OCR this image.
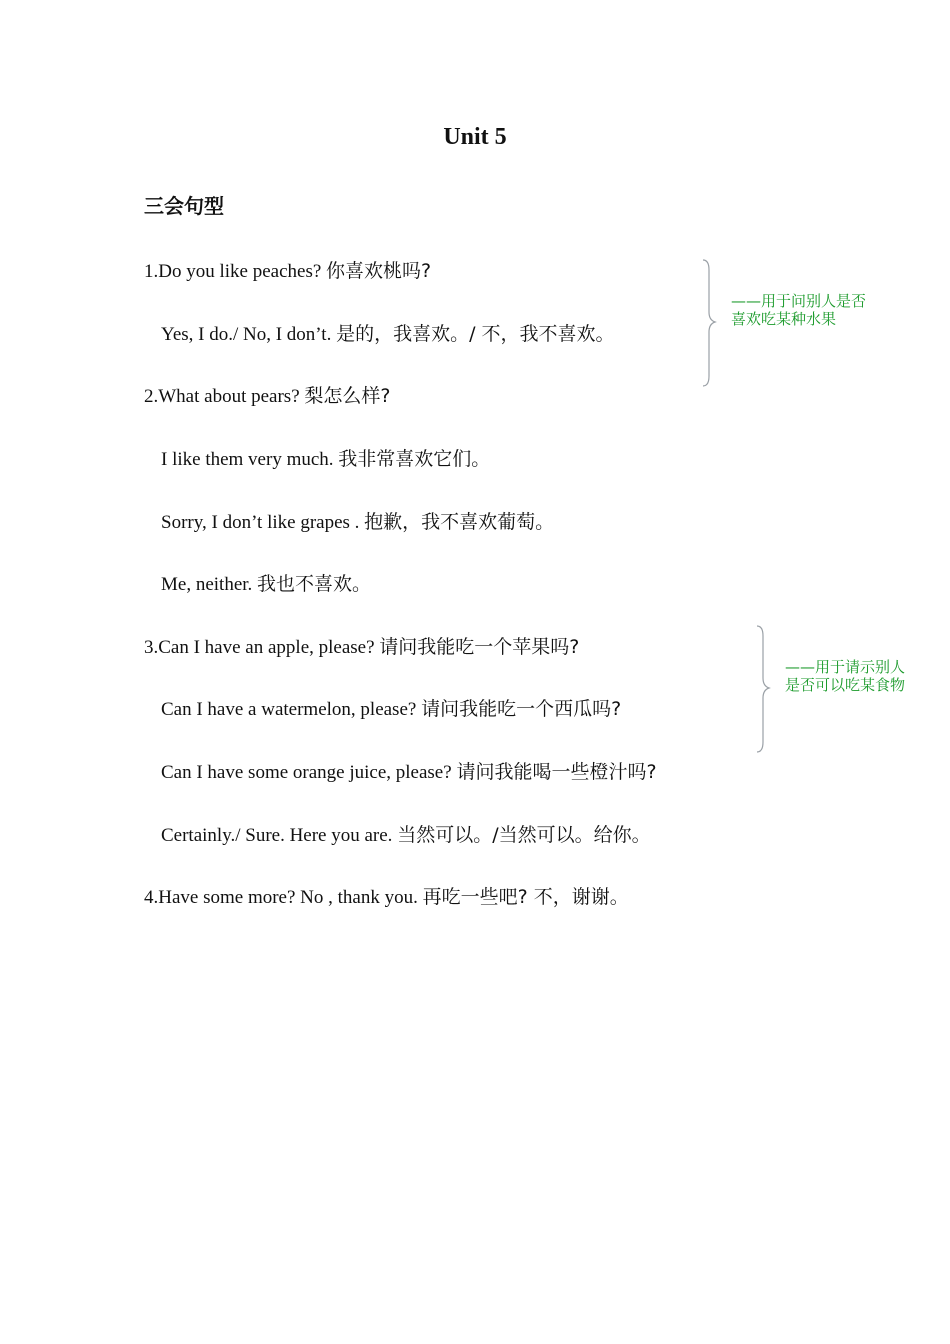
Unit 5
三会句型
1.Do you like peaches? 你喜欢桃吗?
Yes, I do./ No, I don’t. 是的，我喜欢。/ 不，我不喜欢。
2.What about pears? 梨怎么样?
I like them very much. 我非常喜欢它们。
Sorry, I don’t like grapes . 抱歉，我不喜欢葡萄。
Me, neither. 我也不喜欢。
3.Can I have an apple, please? 请问我能吃一个苹果吗?
Can I have a watermelon, please? 请问我能吃一个西瓜吗?
Can I have some orange juice, please? 请问我能喝一些橙汁吗?
Certainly./ Sure. Here you are. 当然可以。/当然可以。给你。
4.Have some more? No , thank you. 再吃一些吧? 不，谢谢。
——用于问别人是否
喜欢吃某种水果
——用于请示别人
是否可以吃某食物
